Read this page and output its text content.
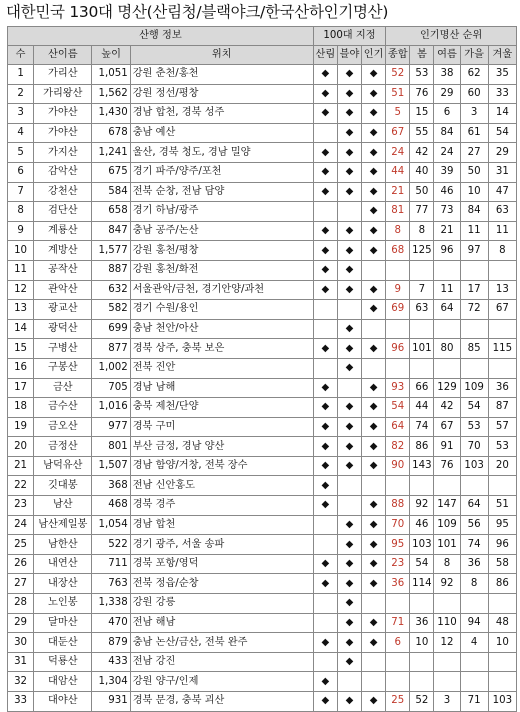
대한민국 130대 명산(산림청/블랙야크/한국산하인기명산)
산행 정보				100대 지정			인기명산 순위				
수	산이름	높이	위치	산림	블야	인기	종합	봄	여름	가을	겨울
1	가리산	1,051	강원 춘천/홍천	◆	◆	◆	52	53	38	62	35
2	가리왕산	1,562	강원 정선/평창	◆	◆	◆	51	76	29	60	33
3	가야산	1,430	경남 합천, 경북 성주	◆	◆	◆	5	15	6	3	14
4	가야산	678	충남 예산		◆	◆	67	55	84	61	54
5	가지산	1,241	울산, 경북 청도, 경남 밀양	◆	◆	◆	24	42	24	27	29
6	감악산	675	경기 파주/양주/포천	◆	◆	◆	44	40	39	50	31
7	강천산	584	전북 순창, 전남 담양	◆	◆	◆	21	50	46	10	47
8	검단산	658	경기 하남/광주			◆	81	77	73	84	63
9	계룡산	847	충남 공주/논산	◆	◆	◆	8	8	21	11	11
10	계방산	1,577	강원 홍천/평창	◆	◆	◆	68	125	96	97	8
11	공작산	887	강원 홍천/화전	◆	◆						
12	관악산	632	서울관악/금천, 경기안양/과천	◆	◆	◆	9	7	11	17	13
13	광교산	582	경기 수원/용인			◆	69	63	64	72	67
14	광덕산	699	충남 천안/아산		◆						
15	구병산	877	경북 상주, 충북 보은	◆	◆	◆	96	101	80	85	115
16	구봉산	1,002	전북 진안		◆						
17	금산	705	경남 남해	◆		◆	93	66	129	109	36
18	금수산	1,016	충북 제천/단양	◆	◆	◆	54	44	42	54	87
19	금오산	977	경북 구미	◆	◆	◆	64	74	67	53	57
20	금정산	801	부산 금정, 경남 양산	◆	◆	◆	82	86	91	70	53
21	남덕유산	1,507	경남 함양/거창, 전북 장수	◆	◆	◆	90	143	76	103	20
22	깃대봉	368	전남 신안홍도	◆							
23	남산	468	경북 경주	◆		◆	88	92	147	64	51
24	남산제일봉	1,054	경남 합천		◆	◆	70	46	109	56	95
25	남한산	522	경기 광주, 서울 송파		◆	◆	95	103	101	74	96
26	내연산	711	경북 포항/영덕	◆	◆	◆	23	54	8	36	58
27	내장산	763	전북 정읍/순창	◆	◆	◆	36	114	92	8	86
28	노인봉	1,338	강원 강릉		◆						
29	달마산	470	전남 해남		◆	◆	71	36	110	94	48
30	대둔산	879	충남 논산/금산, 전북 완주	◆	◆	◆	6	10	12	4	10
31	덕룡산	433	전남 강진		◆						
32	대암산	1,304	강원 양구/인제	◆							
33	대야산	931	경북 문경, 충북 괴산	◆	◆	◆	25	52	3	71	103
